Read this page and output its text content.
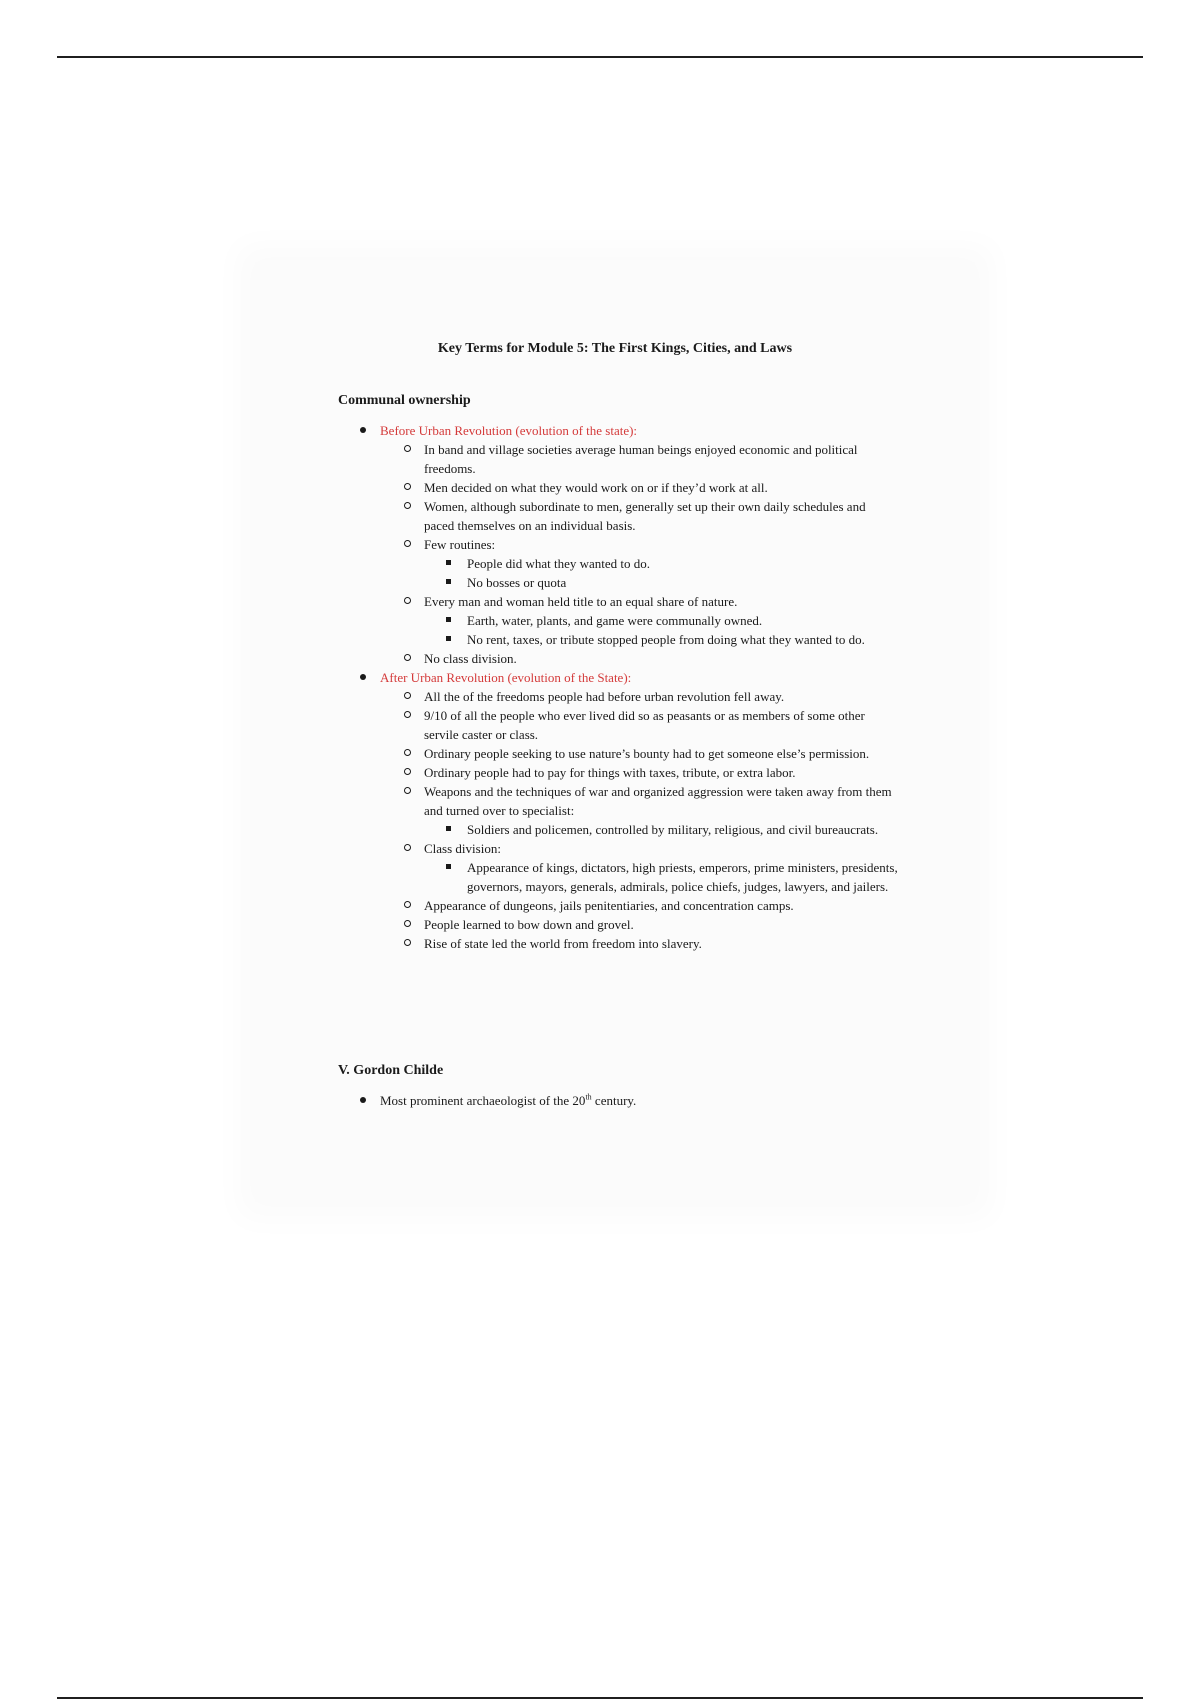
Key Terms for Module 5: The First Kings, Cities, and Laws

Communal ownership

Before Urban Revolution (evolution of the state):
In band and village societies average human beings enjoyed economic and political freedoms.
Men decided on what they would work on or if they’d work at all.
Women, although subordinate to men, generally set up their own daily schedules and paced themselves on an individual basis.
Few routines:
People did what they wanted to do.
No bosses or quota
Every man and woman held title to an equal share of nature.
Earth, water, plants, and game were communally owned.
No rent, taxes, or tribute stopped people from doing what they wanted to do.
No class division.
After Urban Revolution (evolution of the State):
All the of the freedoms people had before urban revolution fell away.
9/10 of all the people who ever lived did so as peasants or as members of some other servile caster or class.
Ordinary people seeking to use nature’s bounty had to get someone else’s permission.
Ordinary people had to pay for things with taxes, tribute, or extra labor.
Weapons and the techniques of war and organized aggression were taken away from them and turned over to specialist:
Soldiers and policemen, controlled by military, religious, and civil bureaucrats.
Class division:
Appearance of kings, dictators, high priests, emperors, prime ministers, presidents, governors, mayors, generals, admirals, police chiefs, judges, lawyers, and jailers.
Appearance of dungeons, jails penitentiaries, and concentration camps.
People learned to bow down and grovel.
Rise of state led the world from freedom into slavery.

V. Gordon Childe

Most prominent archaeologist of the 20th century.
